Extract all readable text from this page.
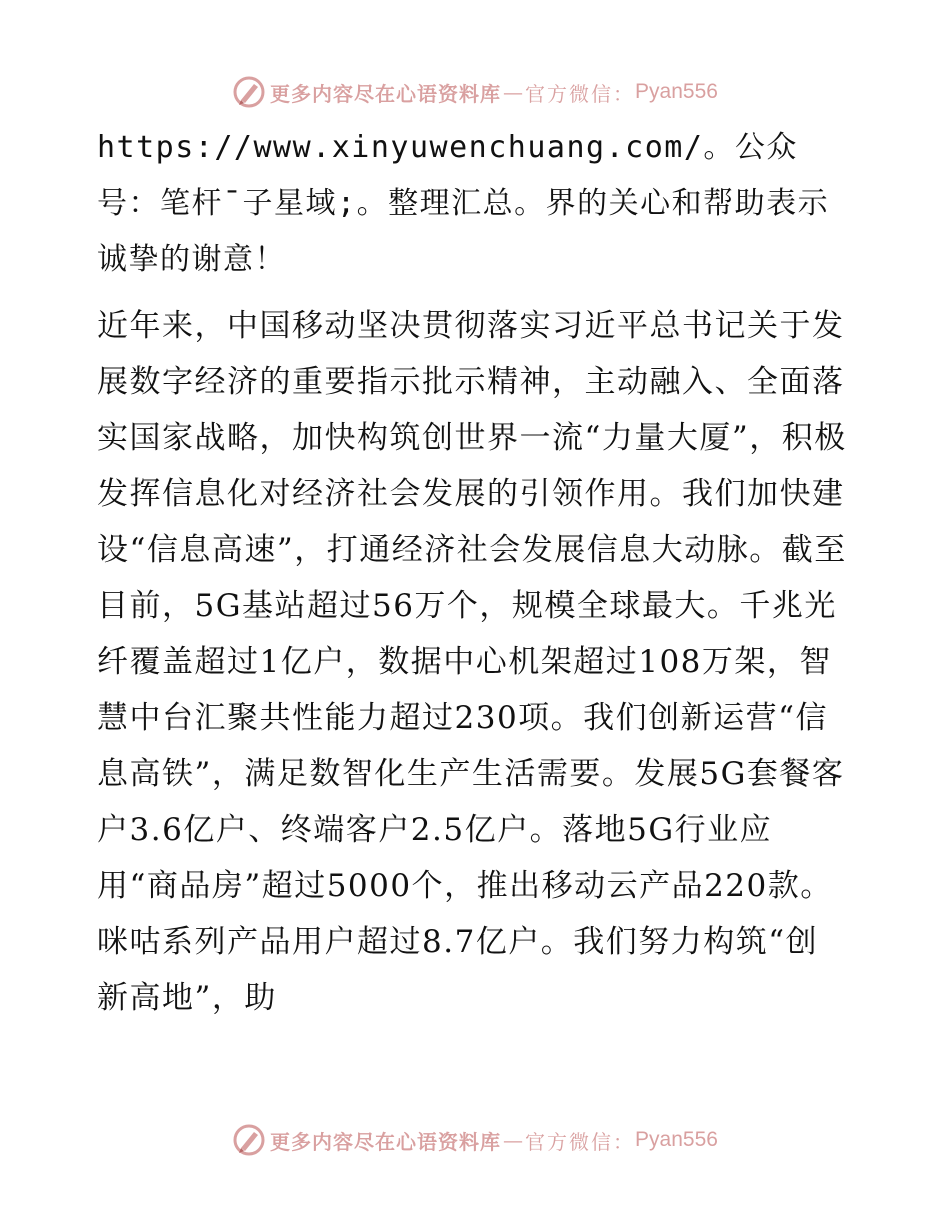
更多内容尽在心语资料库 — 官方微信： Pyan556

https://www.xinyuwenchuang.com/。公众号：笔杆¯子星域;。整理汇总。界的关心和帮助表示诚挚的谢意！

近年来，中国移动坚决贯彻落实习近平总书记关于发展数字经济的重要指示批示精神，主动融入、全面落实国家战略，加快构筑创世界一流“力量大厦”，积极发挥信息化对经济社会发展的引领作用。我们加快建设“信息高速”，打通经济社会发展信息大动脉。截至目前，5G基站超过56万个，规模全球最大。千兆光纤覆盖超过1亿户，数据中心机架超过108万架，智慧中台汇聚共性能力超过230项。我们创新运营“信息高铁”，满足数智化生产生活需要。发展5G套餐客户3.6亿户、终端客户2.5亿户。落地5G行业应用“商品房”超过5000个，推出移动云产品220款。咪咕系列产品用户超过8.7亿户。我们努力构筑“创新高地”，助

更多内容尽在心语资料库 — 官方微信： Pyan556
